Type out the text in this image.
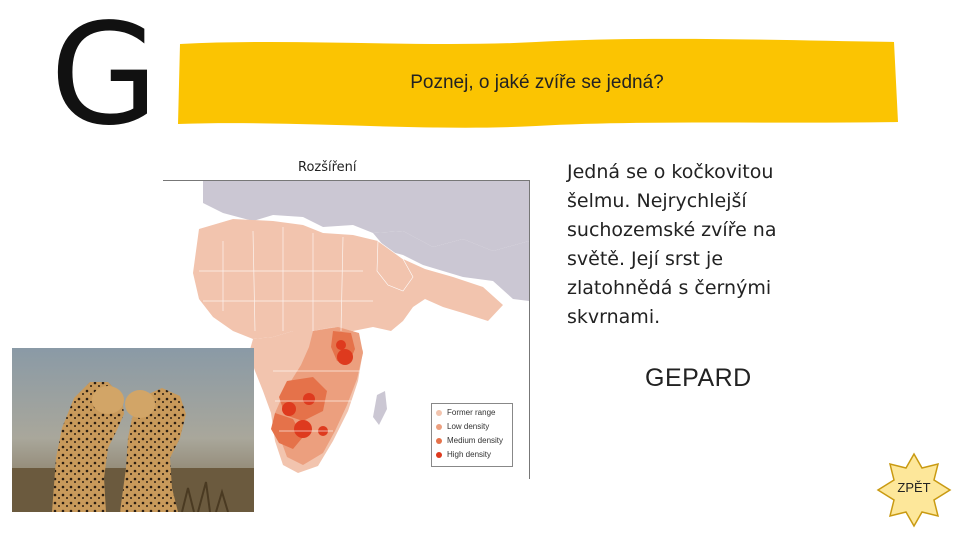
G	Poznej, o jaké zvíře se jedná?
Rozšíření
Former range
Low density
Medium density
High density
Jedná se o kočkovitou šelmu. Nejrychlejší suchozemské zvíře na světě. Její srst je zlatohnědá s černými skvrnami.
GEPARD
ZPĚT
